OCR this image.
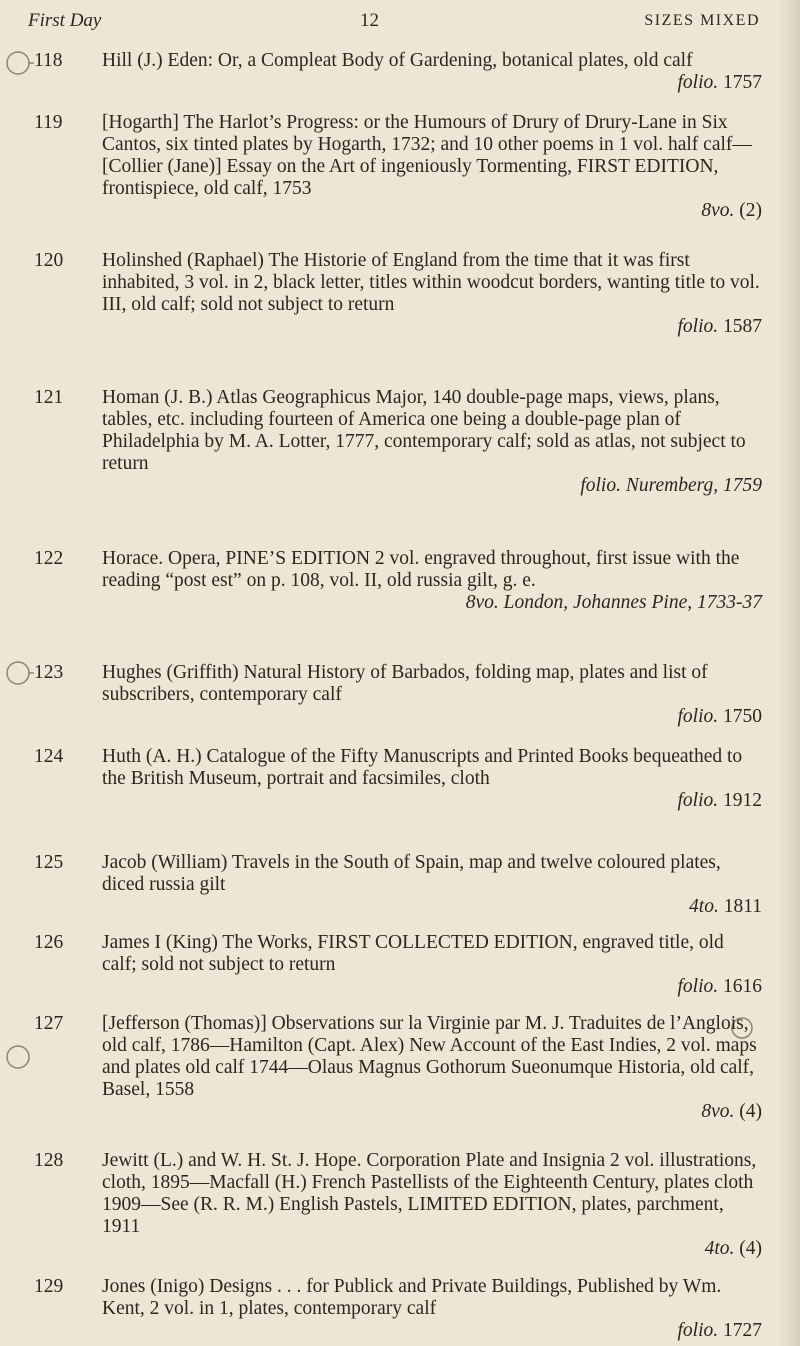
First Day	12	SIZES MIXED
118	Hill (J.) Eden: Or, a Compleat Body of Gardening, botanical plates, old calf
folio. 1757
119	[Hogarth] The Harlot’s Progress: or the Humours of Drury of Drury-Lane in Six Cantos, six tinted plates by Hogarth, 1732; and 10 other poems in 1 vol. half calf—[Collier (Jane)] Essay on the Art of ingeniously Tormenting, FIRST EDITION, frontispiece, old calf, 1753
8vo. (2)
120	Holinshed (Raphael) The Historie of England from the time that it was first inhabited, 3 vol. in 2, black letter, titles within woodcut borders, wanting title to vol. III, old calf; sold not subject to return
folio. 1587
121	Homan (J. B.) Atlas Geographicus Major, 140 double-page maps, views, plans, tables, etc. including fourteen of America one being a double-page plan of Philadelphia by M. A. Lotter, 1777, contemporary calf; sold as atlas, not subject to return
folio. Nuremberg, 1759
122	Horace. Opera, PINE’S EDITION 2 vol. engraved throughout, first issue with the reading “post est” on p. 108, vol. II, old russia gilt, g. e.
8vo. London, Johannes Pine, 1733-37
123	Hughes (Griffith) Natural History of Barbados, folding map, plates and list of subscribers, contemporary calf
folio. 1750
124	Huth (A. H.) Catalogue of the Fifty Manuscripts and Printed Books bequeathed to the British Museum, portrait and facsimiles, cloth
folio. 1912
125	Jacob (William) Travels in the South of Spain, map and twelve coloured plates, diced russia gilt
4to. 1811
126	James I (King) The Works, FIRST COLLECTED EDITION, engraved title, old calf; sold not subject to return
folio. 1616
127	[Jefferson (Thomas)] Observations sur la Virginie par M. J. Traduites de l’Anglois, old calf, 1786—Hamilton (Capt. Alex) New Account of the East Indies, 2 vol. maps and plates old calf 1744—Olaus Magnus Gothorum Sueonumque Historia, old calf, Basel, 1558
8vo. (4)
128	Jewitt (L.) and W. H. St. J. Hope. Corporation Plate and Insignia 2 vol. illustrations, cloth, 1895—Macfall (H.) French Pastellists of the Eighteenth Century, plates cloth 1909—See (R. R. M.) English Pastels, LIMITED EDITION, plates, parchment, 1911
4to. (4)
129	Jones (Inigo) Designs . . . for Publick and Private Buildings, Published by Wm. Kent, 2 vol. in 1, plates, contemporary calf
folio. 1727
